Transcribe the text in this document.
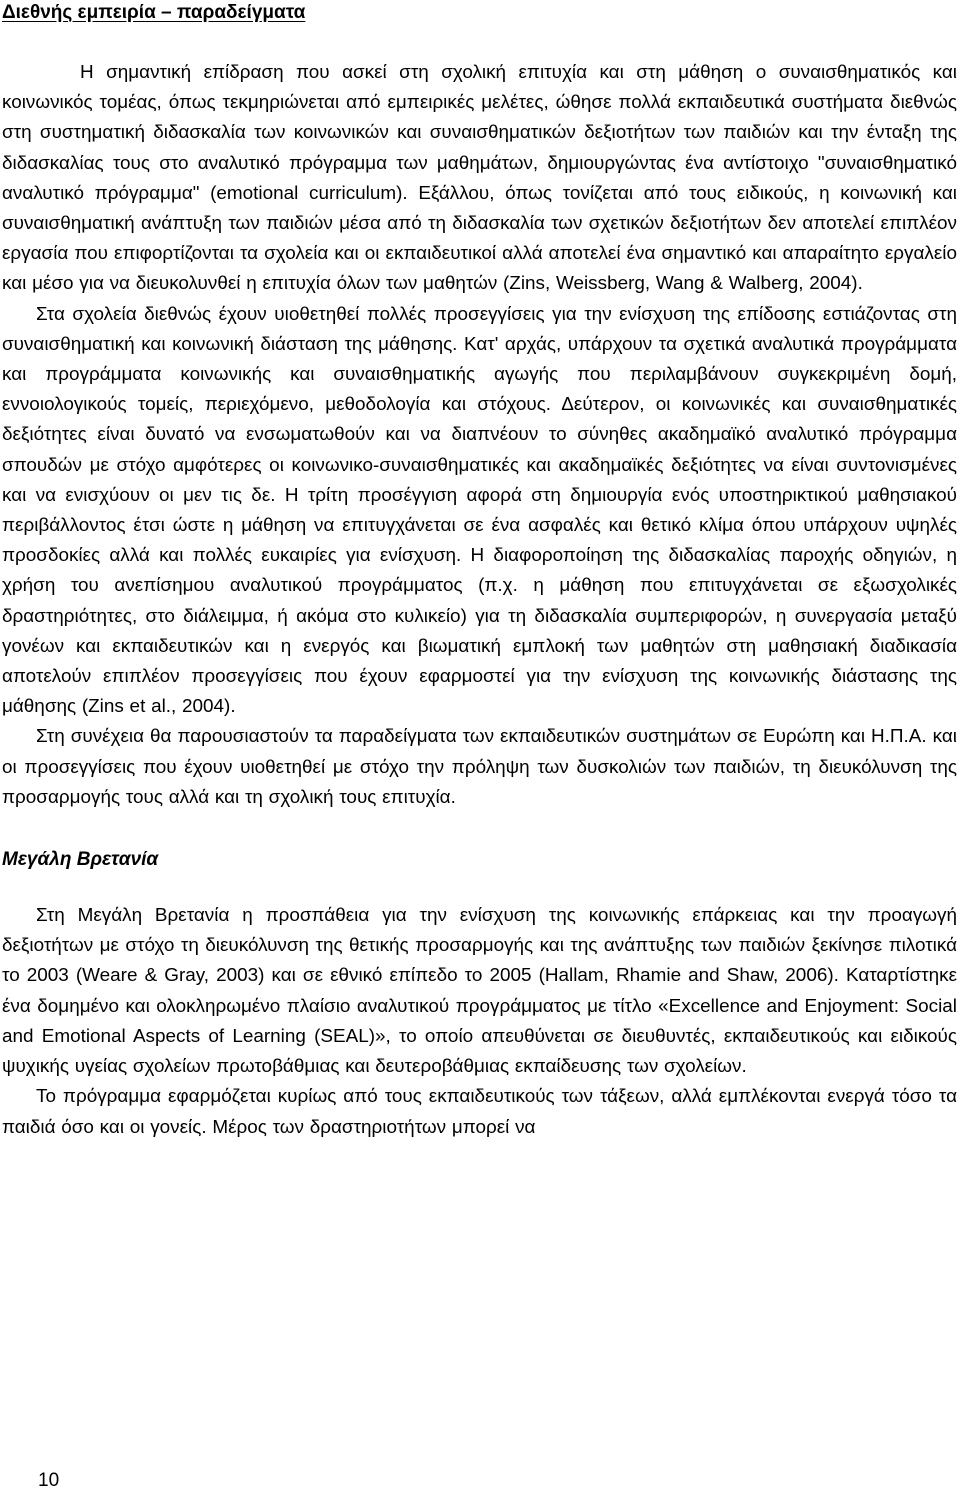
Διεθνής εμπειρία – παραδείγματα

Η σημαντική επίδραση που ασκεί στη σχολική επιτυχία και στη μάθηση ο συναισθηματικός και κοινωνικός τομέας, όπως τεκμηριώνεται από εμπειρικές μελέτες, ώθησε πολλά εκπαιδευτικά συστήματα διεθνώς στη συστηματική διδασκαλία των κοινωνικών και συναισθηματικών δεξιοτήτων των παιδιών και την ένταξη της διδασκαλίας τους στο αναλυτικό πρόγραμμα των μαθημάτων, δημιουργώντας ένα αντίστοιχο "συναισθηματικό αναλυτικό πρόγραμμα" (emotional curriculum). Εξάλλου, όπως τονίζεται από τους ειδικούς, η κοινωνική και συναισθηματική ανάπτυξη των παιδιών μέσα από τη διδασκαλία των σχετικών δεξιοτήτων δεν αποτελεί επιπλέον εργασία που επιφορτίζονται τα σχολεία και οι εκπαιδευτικοί αλλά αποτελεί ένα σημαντικό και απαραίτητο εργαλείο και μέσο για να διευκολυνθεί η επιτυχία όλων των μαθητών (Zins, Weissberg, Wang & Walberg, 2004).

Στα σχολεία διεθνώς έχουν υιοθετηθεί πολλές προσεγγίσεις για την ενίσχυση της επίδοσης εστιάζοντας στη συναισθηματική και κοινωνική διάσταση της μάθησης. Κατ' αρχάς, υπάρχουν τα σχετικά αναλυτικά προγράμματα και προγράμματα κοινωνικής και συναισθηματικής αγωγής που περιλαμβάνουν συγκεκριμένη δομή, εννοιολογικούς τομείς, περιεχόμενο, μεθοδολογία και στόχους. Δεύτερον, οι κοινωνικές και συναισθηματικές δεξιότητες είναι δυνατό να ενσωματωθούν και να διαπνέουν το σύνηθες ακαδημαϊκό αναλυτικό πρόγραμμα σπουδών με στόχο αμφότερες οι κοινωνικο-συναισθηματικές και ακαδημαϊκές δεξιότητες να είναι συντονισμένες και να ενισχύουν οι μεν τις δε. Η τρίτη προσέγγιση αφορά στη δημιουργία ενός υποστηρικτικού μαθησιακού περιβάλλοντος έτσι ώστε η μάθηση να επιτυγχάνεται σε ένα ασφαλές και θετικό κλίμα όπου υπάρχουν υψηλές προσδοκίες αλλά και πολλές ευκαιρίες για ενίσχυση. Η διαφοροποίηση της διδασκαλίας παροχής οδηγιών, η χρήση του ανεπίσημου αναλυτικού προγράμματος (π.χ. η μάθηση που επιτυγχάνεται σε εξωσχολικές δραστηριότητες, στο διάλειμμα, ή ακόμα στο κυλικείο) για τη διδασκαλία συμπεριφορών, η συνεργασία μεταξύ γονέων και εκπαιδευτικών και η ενεργός και βιωματική εμπλοκή των μαθητών στη μαθησιακή διαδικασία αποτελούν επιπλέον προσεγγίσεις που έχουν εφαρμοστεί για την ενίσχυση της κοινωνικής διάστασης της μάθησης (Zins et al., 2004).

Στη συνέχεια θα παρουσιαστούν τα παραδείγματα των εκπαιδευτικών συστημάτων σε Ευρώπη και Η.Π.Α. και οι προσεγγίσεις που έχουν υιοθετηθεί με στόχο την πρόληψη των δυσκολιών των παιδιών, τη διευκόλυνση της προσαρμογής τους αλλά και τη σχολική τους επιτυχία.

Μεγάλη Βρετανία

Στη Μεγάλη Βρετανία η προσπάθεια για την ενίσχυση της κοινωνικής επάρκειας και την προαγωγή δεξιοτήτων με στόχο τη διευκόλυνση της θετικής προσαρμογής και της ανάπτυξης των παιδιών ξεκίνησε πιλοτικά το 2003 (Weare & Gray, 2003) και σε εθνικό επίπεδο το 2005 (Hallam, Rhamie and Shaw, 2006). Καταρτίστηκε ένα δομημένο και ολοκληρωμένο πλαίσιο αναλυτικού προγράμματος με τίτλο «Excellence and Enjoyment: Social and Emotional Aspects of Learning (SEAL)», το οποίο απευθύνεται σε διευθυντές, εκπαιδευτικούς και ειδικούς ψυχικής υγείας σχολείων πρωτοβάθμιας και δευτεροβάθμιας εκπαίδευσης των σχολείων.

Το πρόγραμμα εφαρμόζεται κυρίως από τους εκπαιδευτικούς των τάξεων, αλλά εμπλέκονται ενεργά τόσο τα παιδιά όσο και οι γονείς. Μέρος των δραστηριοτήτων μπορεί να

10
